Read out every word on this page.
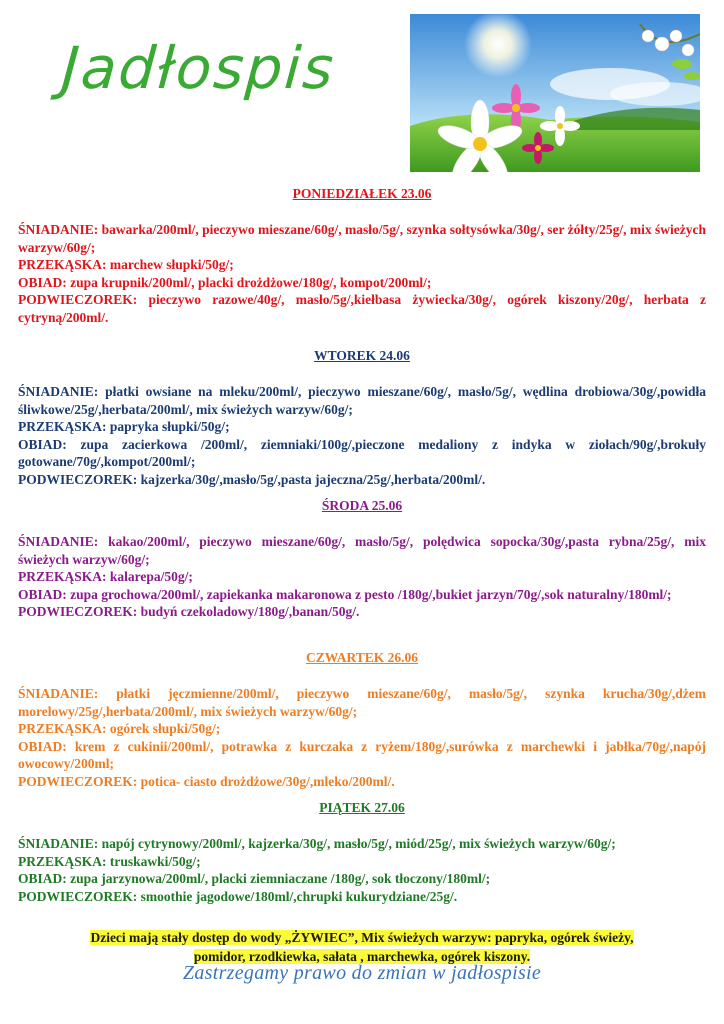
Jadłospis
PONIEDZIAŁEK 23.06

ŚNIADANIE: bawarka/200ml/, pieczywo mieszane/60g/, masło/5g/, szynka sołtysówka/30g/, ser żółty/25g/, mix świeżych warzyw/60g/;

PRZEKĄSKA: marchew słupki/50g/;

OBIAD: zupa krupnik/200ml/, placki drożdżowe/180g/, kompot/200ml/;

PODWIECZOREK: pieczywo razowe/40g/, masło/5g/,kiełbasa żywiecka/30g/, ogórek kiszony/20g/, herbata z cytryną/200ml/.

WTOREK 24.06

ŚNIADANIE: płatki owsiane na mleku/200ml/, pieczywo mieszane/60g/, masło/5g/, wędlina drobiowa/30g/,powidła śliwkowe/25g/,herbata/200ml/, mix świeżych warzyw/60g/;

PRZEKĄSKA: papryka słupki/50g/;

OBIAD: zupa zacierkowa /200ml/, ziemniaki/100g/,pieczone medaliony z indyka w ziołach/90g/,brokuły gotowane/70g/,kompot/200ml/;

PODWIECZOREK: kajzerka/30g/,masło/5g/,pasta jajeczna/25g/,herbata/200ml/.

ŚRODA 25.06

ŚNIADANIE: kakao/200ml/, pieczywo mieszane/60g/, masło/5g/, polędwica sopocka/30g/,pasta rybna/25g/, mix świeżych warzyw/60g/;

PRZEKĄSKA: kalarepa/50g/;

OBIAD: zupa grochowa/200ml/, zapiekanka makaronowa z pesto /180g/,bukiet jarzyn/70g/,sok naturalny/180ml/;

PODWIECZOREK: budyń czekoladowy/180g/,banan/50g/.

CZWARTEK 26.06

ŚNIADANIE: płatki jęczmienne/200ml/, pieczywo mieszane/60g/, masło/5g/, szynka krucha/30g/,dżem morelowy/25g/,herbata/200ml/, mix świeżych warzyw/60g/;

PRZEKĄSKA: ogórek słupki/50g/;

OBIAD: krem z cukinii/200ml/, potrawka z kurczaka z ryżem/180g/,surówka z marchewki i jabłka/70g/,napój owocowy/200ml;

PODWIECZOREK: potica- ciasto drożdżowe/30g/,mleko/200ml/.

PIĄTEK 27.06

ŚNIADANIE: napój cytrynowy/200ml/, kajzerka/30g/, masło/5g/, miód/25g/, mix świeżych warzyw/60g/;

PRZEKĄSKA: truskawki/50g/;

OBIAD: zupa jarzynowa/200ml/, placki ziemniaczane /180g/, sok tłoczony/180ml/;

PODWIECZOREK: smoothie jagodowe/180ml/,chrupki kukurydziane/25g/.

Dzieci mają stały dostęp do wody „ŻYWIEC”, Mix świeżych warzyw: papryka, ogórek świeży,
pomidor, rzodkiewka, sałata , marchewka, ogórek kiszony.
Zastrzegamy prawo do zmian w jadłospisie
